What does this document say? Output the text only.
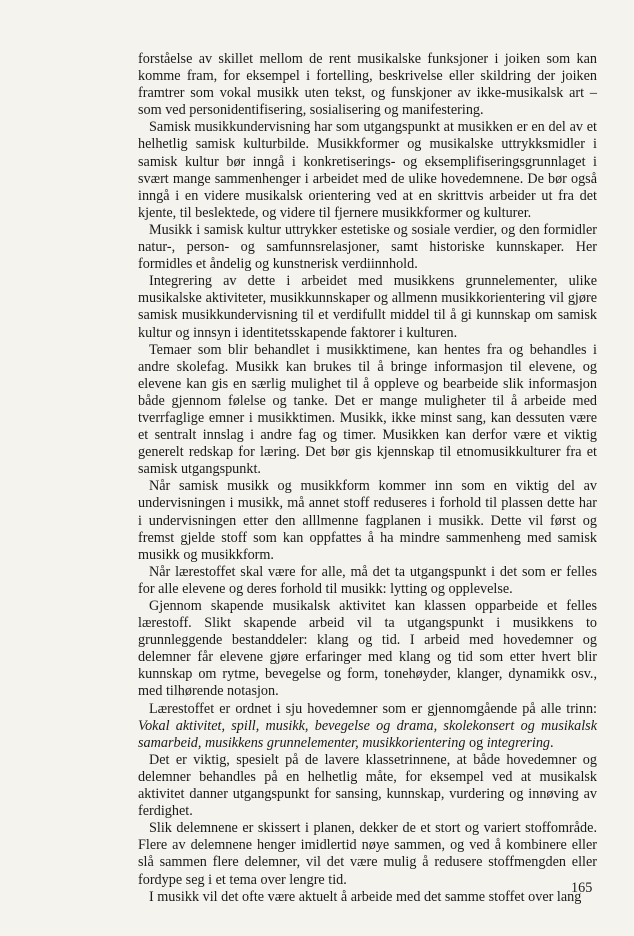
forståelse av skillet mellom de rent musikalske funksjoner i joiken som kan komme fram, for eksempel i fortelling, beskrivelse eller skildring der joiken framtrer som vokal musikk uten tekst, og funskjoner av ikke-musikalsk art – som ved personidentifisering, sosialisering og manifestering.

Samisk musikkundervisning har som utgangspunkt at musikken er en del av et helhetlig samisk kulturbilde. Musikkformer og musikalske uttrykksmidler i samisk kultur bør inngå i konkretiserings- og eksemplifiseringsgrunnlaget i svært mange sammenhenger i arbeidet med de ulike hovedemnene. De bør også inngå i en videre musikalsk orientering ved at en skrittvis arbeider ut fra det kjente, til beslektede, og videre til fjernere musikkformer og kulturer.

Musikk i samisk kultur uttrykker estetiske og sosiale verdier, og den formidler natur-, person- og samfunnsrelasjoner, samt historiske kunnskaper. Her formidles et åndelig og kunstnerisk verdiinnhold.

Integrering av dette i arbeidet med musikkens grunnelementer, ulike musikalske aktiviteter, musikkunnskaper og allmenn musikkorientering vil gjøre samisk musikkundervisning til et verdifullt middel til å gi kunnskap om samisk kultur og innsyn i identitetsskapende faktorer i kulturen.

Temaer som blir behandlet i musikktimene, kan hentes fra og behandles i andre skolefag. Musikk kan brukes til å bringe informasjon til elevene, og elevene kan gis en særlig mulighet til å oppleve og bearbeide slik informasjon både gjennom følelse og tanke. Det er mange muligheter til å arbeide med tverrfaglige emner i musikktimen. Musikk, ikke minst sang, kan dessuten være et sentralt innslag i andre fag og timer. Musikken kan derfor være et viktig generelt redskap for læring. Det bør gis kjennskap til etnomusikkulturer fra et samisk utgangspunkt.

Når samisk musikk og musikkform kommer inn som en viktig del av undervisningen i musikk, må annet stoff reduseres i forhold til plassen dette har i undervisningen etter den alllmenne fagplanen i musikk. Dette vil først og fremst gjelde stoff som kan oppfattes å ha mindre sammenheng med samisk musikk og musikkform.

Når lærestoffet skal være for alle, må det ta utgangspunkt i det som er felles for alle elevene og deres forhold til musikk: lytting og opplevelse.

Gjennom skapende musikalsk aktivitet kan klassen opparbeide et felles lærestoff. Slikt skapende arbeid vil ta utgangspunkt i musikkens to grunnleggende bestanddeler: klang og tid. I arbeid med hovedemner og delemner får elevene gjøre erfaringer med klang og tid som etter hvert blir kunnskap om rytme, bevegelse og form, tonehøyder, klanger, dynamikk osv., med tilhørende notasjon.

Lærestoffet er ordnet i sju hovedemner som er gjennomgående på alle trinn: Vokal aktivitet, spill, musikk, bevegelse og drama, skolekonsert og musikalsk samarbeid, musikkens grunnelementer, musikkorientering og integrering.

Det er viktig, spesielt på de lavere klassetrinnene, at både hovedemner og delemner behandles på en helhetlig måte, for eksempel ved at musikalsk aktivitet danner utgangspunkt for sansing, kunnskap, vurdering og innøving av ferdighet.

Slik delemnene er skissert i planen, dekker de et stort og variert stoffområde. Flere av delemnene henger imidlertid nøye sammen, og ved å kombinere eller slå sammen flere delemner, vil det være mulig å redusere stoffmengden eller fordype seg i et tema over lengre tid.

I musikk vil det ofte være aktuelt å arbeide med det samme stoffet over lang

165
